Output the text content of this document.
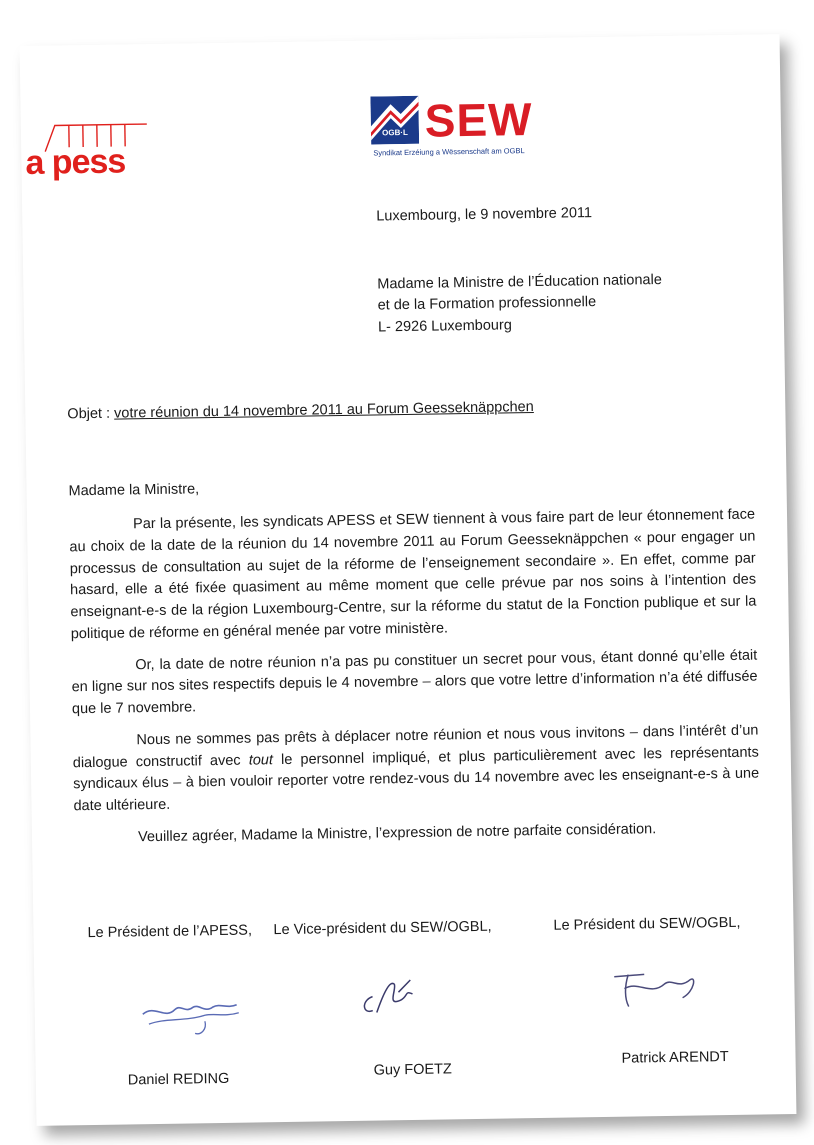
a pess
OGB·L SEW
Syndikat Erzéiung a Wëssenschaft am OGBL
Luxembourg, le 9 novembre 2011
Madame la Ministre de l’Éducation nationale
et de la Formation professionnelle
L- 2926 Luxembourg
Objet : votre réunion du 14 novembre 2011 au Forum Geesseknäppchen
Madame la Ministre,

Par la présente, les syndicats APESS et SEW tiennent à vous faire part de leur étonnement face au choix de la date de la réunion du 14 novembre 2011 au Forum Geesseknäppchen « pour engager un processus de consultation au sujet de la réforme de l’enseignement secondaire ». En effet, comme par hasard, elle a été fixée quasiment au même moment que celle prévue par nos soins à l’intention des enseignant-e-s de la région Luxembourg-Centre, sur la réforme du statut de la Fonction publique et sur la politique de réforme en général menée par votre ministère.

Or, la date de notre réunion n’a pas pu constituer un secret pour vous, étant donné qu’elle était en ligne sur nos sites respectifs depuis le 4 novembre – alors que votre lettre d’information n’a été diffusée que le 7 novembre.

Nous ne sommes pas prêts à déplacer notre réunion et nous vous invitons – dans l’intérêt d’un dialogue constructif avec tout le personnel impliqué, et plus particulièrement avec les représentants syndicaux élus – à bien vouloir reporter votre rendez-vous du 14 novembre avec les enseignant-e-s à une date ultérieure.

Veuillez agréer, Madame la Ministre, l’expression de notre parfaite considération.

Le Président de l’APESS, Le Vice-président du SEW/OGBL,	Le Président du SEW/OGBL,
Daniel REDING
Guy FOETZ
Patrick ARENDT
